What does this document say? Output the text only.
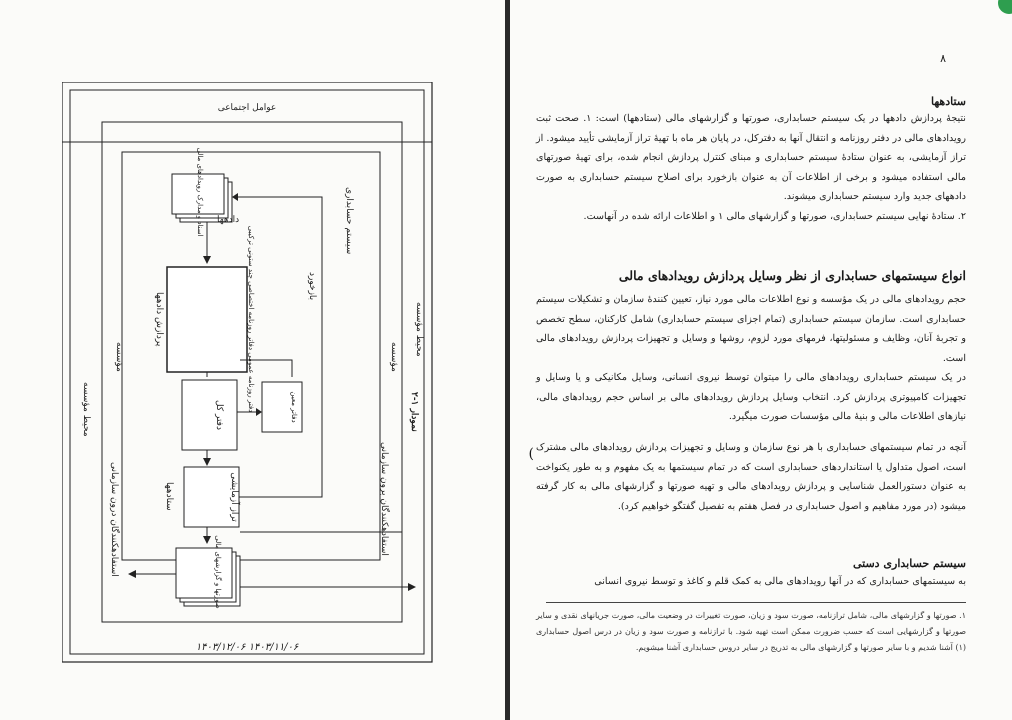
عوامل اجتماعی
محیط مؤسسه
محیط مؤسسه
مؤسسه	مؤسسه
سیستم حسابداری
اسناد و مدارک رویدادهای مالی دادهها
دفتر روزنامه عمومی دفاتر روزنامه اختصاصی چند ستونی ترکیبی
پردازش دادهها
دفتر کل	دفاتر معین
تراز آزمایشی
ستادهها
بازخورد
صورتها و گزارشهای مالی
استفادهکنندگان برون سازمانی
استفادهکنندگان درون سازمانی
نمودار ۱-۲
۱۴۰۳/۱۲/۰۶ ۱۴۰۳/۱۱/۰۶
۸
ستادهها
نتیجهٔ پردازش دادهها در یک سیستم حسابداری، صورتها و گزارشهای مالی (ستادهها) است: ۱. صحت ثبت رویدادهای مالی در دفتر روزنامه و انتقال آنها به دفترکل، در پایان هر ماه با تهیهٔ تراز آزمایشی تأیید میشود. از تراز آزمایشی، به عنوان ستادهٔ سیستم حسابداری و مبنای کنترل پردازش انجام شده، برای تهیهٔ صورتهای مالی استفاده میشود و برخی از اطلاعات آن به عنوان بازخورد برای اصلاح سیستم حسابداری به صورت دادههای جدید وارد سیستم حسابداری میشوند.
۲. ستادهٔ نهایی سیستم حسابداری، صورتها و گزارشهای مالی ۱ و اطلاعات ارائه شده در آنهاست.
انواع سیستمهای حسابداری از نظر وسایل پردازش رویدادهای مالی
حجم رویدادهای مالی در یک مؤسسه و نوع اطلاعات مالی مورد نیاز، تعیین کنندهٔ سازمان و تشکیلات سیستم حسابداری است. سازمان سیستم حسابداری (تمام اجزای سیستم حسابداری) شامل کارکنان، سطح تخصص و تجربهٔ آنان، وظایف و مسئولیتها، فرمهای مورد لزوم، روشها و وسایل و تجهیزات پردازش رویدادهای مالی است.
در یک سیستم حسابداری رویدادهای مالی را میتوان توسط نیروی انسانی، وسایل مکانیکی و یا وسایل و تجهیزات کامپیوتری پردازش کرد. انتخاب وسایل پردازش رویدادهای مالی بر اساس حجم رویدادهای مالی، نیازهای اطلاعات مالی و بنیهٔ مالی مؤسسات صورت میگیرد.
( آنچه در تمام سیستمهای حسابداری با هر نوع سازمان و وسایل و تجهیزات پردازش رویدادهای مالی مشترک است، اصول متداول یا استانداردهای حسابداری است که در تمام سیستمها به یک مفهوم و به طور یکنواخت به عنوان دستورالعمل شناسایی و پردازش رویدادهای مالی و تهیه صورتها و گزارشهای مالی به کار گرفته میشود (در مورد مفاهیم و اصول حسابداری در فصل هفتم به تفصیل گفتگو خواهیم کرد).
سیستم حسابداری دستی
به سیستمهای حسابداری که در آنها رویدادهای مالی به کمک قلم و کاغذ و توسط نیروی انسانی
۱. صورتها و گزارشهای مالی، شامل ترازنامه، صورت سود و زیان، صورت تغییرات در وضعیت مالی، صورت جریانهای نقدی و سایر صورتها و گزارشهایی است که حسب ضرورت ممکن است تهیه شود. با ترازنامه و صورت سود و زیان در درس اصول حسابداری (۱) آشنا شدیم و با سایر صورتها و گزارشهای مالی به تدریج در سایر دروس حسابداری آشنا میشویم.
